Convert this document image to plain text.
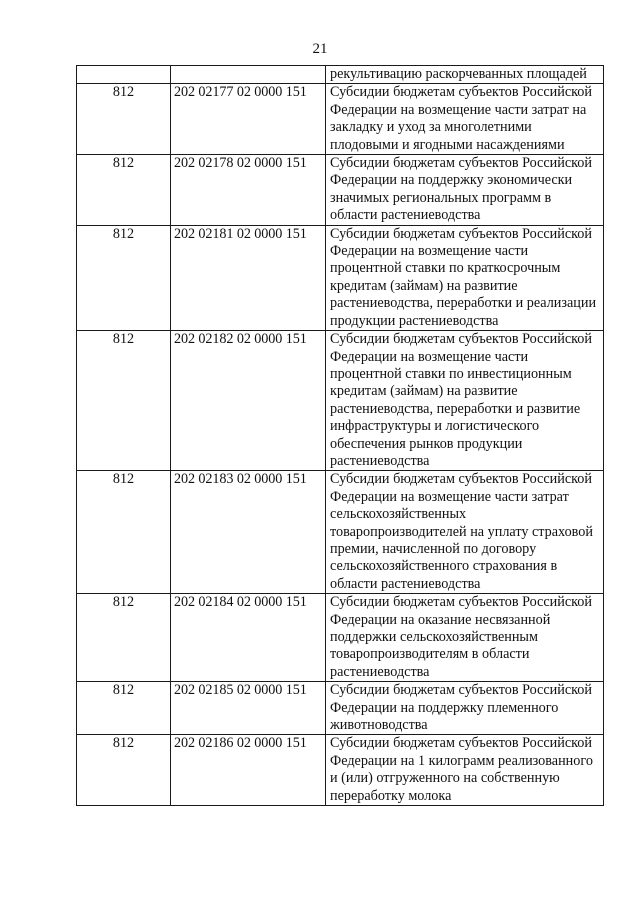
21
		рекультивацию раскорчеванных площадей
812	202 02177 02 0000 151	Субсидии бюджетам субъектов Российской Федерации на возмещение части затрат на закладку и уход за многолетними плодовыми и ягодными насаждениями
812	202 02178 02 0000 151	Субсидии бюджетам субъектов Российской Федерации на поддержку экономически значимых региональных программ в области растениеводства
812	202 02181 02 0000 151	Субсидии бюджетам субъектов Российской Федерации на возмещение части процентной ставки по краткосрочным кредитам (займам) на развитие растениеводства, переработки и реализации продукции растениеводства
812	202 02182 02 0000 151	Субсидии бюджетам субъектов Российской Федерации на возмещение части процентной ставки по инвестиционным кредитам (займам) на развитие растениеводства, переработки и развитие инфраструктуры и логистического обеспечения рынков продукции растениеводства
812	202 02183 02 0000 151	Субсидии бюджетам субъектов Российской Федерации на возмещение части затрат сельскохозяйственных товаропроизводителей на уплату страховой премии, начисленной по договору сельскохозяйственного страхования в области растениеводства
812	202 02184 02 0000 151	Субсидии бюджетам субъектов Российской Федерации на оказание несвязанной поддержки сельскохозяйственным товаропроизводителям в области растениеводства
812	202 02185 02 0000 151	Субсидии бюджетам субъектов Российской Федерации на поддержку племенного животноводства
812	202 02186 02 0000 151	Субсидии бюджетам субъектов Российской Федерации на 1 килограмм реализованного и (или) отгруженного на собственную переработку молока
